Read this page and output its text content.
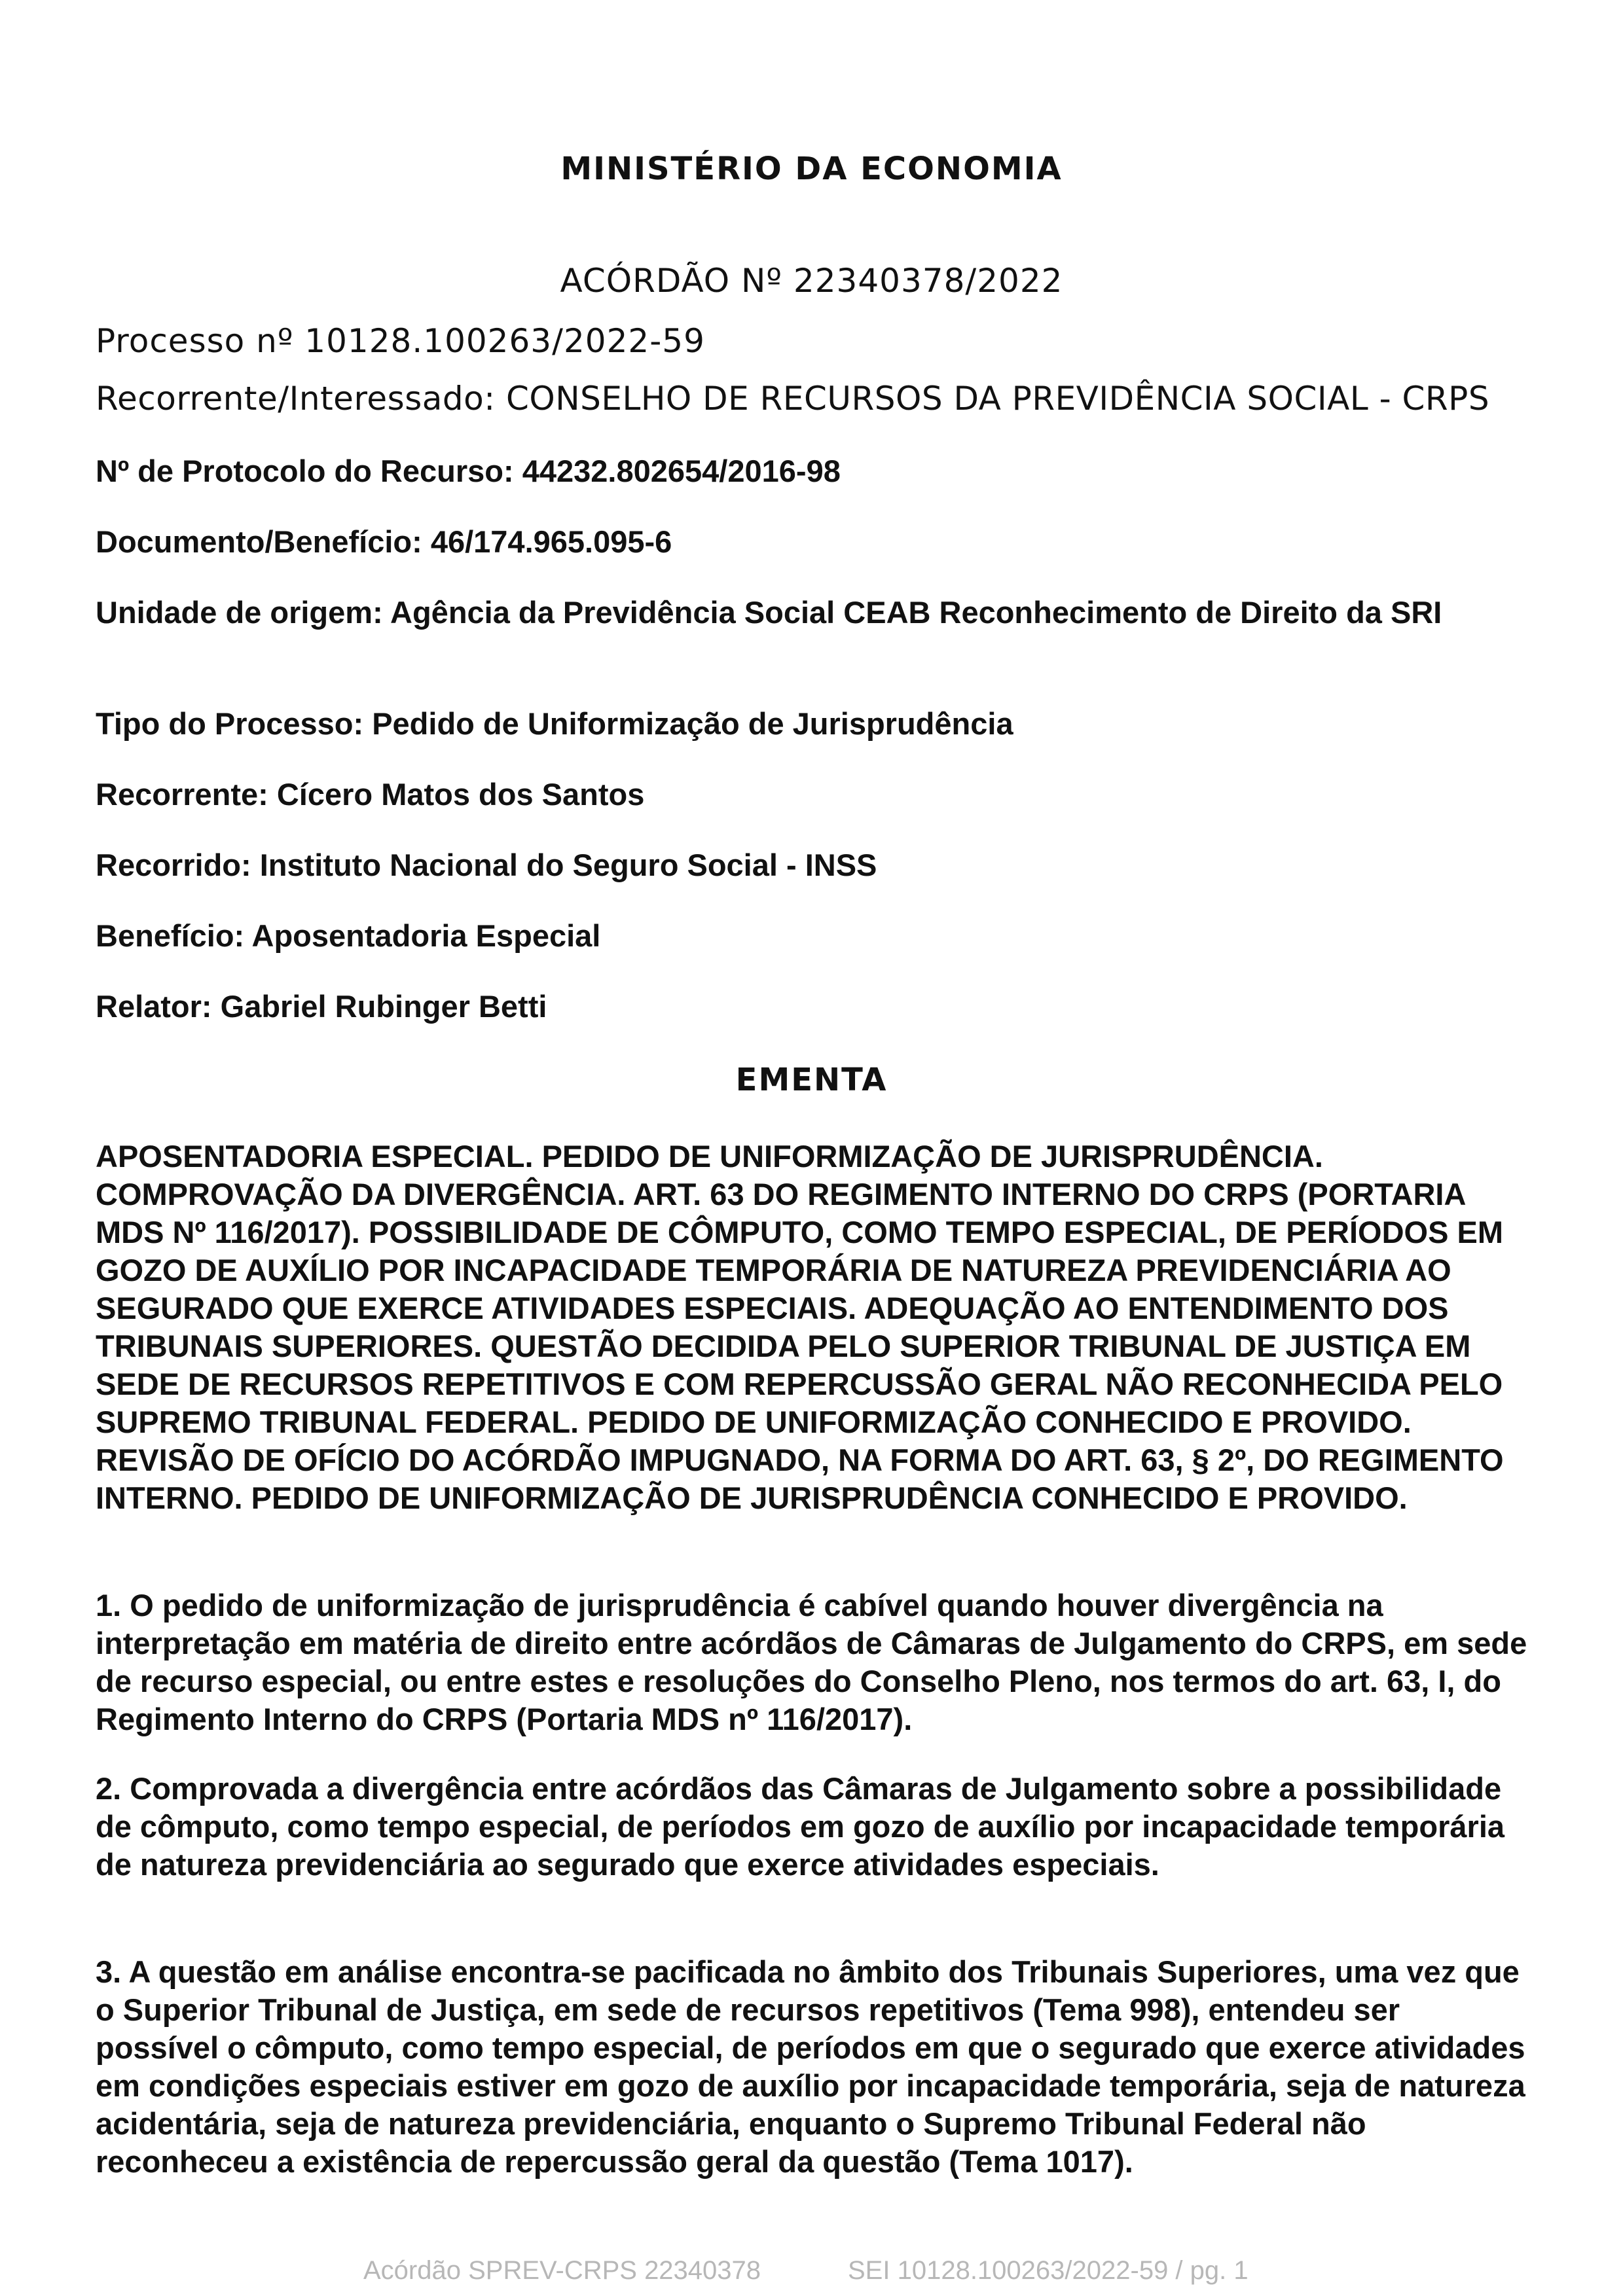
MINISTÉRIO DA ECONOMIA
ACÓRDÃO Nº 22340378/2022
Processo nº 10128.100263/2022-59
Recorrente/Interessado: CONSELHO DE RECURSOS DA PREVIDÊNCIA SOCIAL - CRPS
Nº de Protocolo do Recurso: 44232.802654/2016-98
Documento/Benefício: 46/174.965.095-6
Unidade de origem: Agência da Previdência Social CEAB Reconhecimento de Direito da SRI
Tipo do Processo: Pedido de Uniformização de Jurisprudência
Recorrente: Cícero Matos dos Santos
Recorrido: Instituto Nacional do Seguro Social - INSS
Benefício: Aposentadoria Especial
Relator: Gabriel Rubinger Betti
EMENTA
APOSENTADORIA ESPECIAL. PEDIDO DE UNIFORMIZAÇÃO DE JURISPRUDÊNCIA. COMPROVAÇÃO DA DIVERGÊNCIA. ART. 63 DO REGIMENTO INTERNO DO CRPS (PORTARIA MDS Nº 116/2017). POSSIBILIDADE DE CÔMPUTO, COMO TEMPO ESPECIAL, DE PERÍODOS EM GOZO DE AUXÍLIO POR INCAPACIDADE TEMPORÁRIA DE NATUREZA PREVIDENCIÁRIA AO SEGURADO QUE EXERCE ATIVIDADES ESPECIAIS. ADEQUAÇÃO AO ENTENDIMENTO DOS TRIBUNAIS SUPERIORES. QUESTÃO DECIDIDA PELO SUPERIOR TRIBUNAL DE JUSTIÇA EM SEDE DE RECURSOS REPETITIVOS E COM REPERCUSSÃO GERAL NÃO RECONHECIDA PELO SUPREMO TRIBUNAL FEDERAL. PEDIDO DE UNIFORMIZAÇÃO CONHECIDO E PROVIDO. REVISÃO DE OFÍCIO DO ACÓRDÃO IMPUGNADO, NA FORMA DO ART. 63, § 2º, DO REGIMENTO INTERNO. PEDIDO DE UNIFORMIZAÇÃO DE JURISPRUDÊNCIA CONHECIDO E PROVIDO.
1. O pedido de uniformização de jurisprudência é cabível quando houver divergência na interpretação em matéria de direito entre acórdãos de Câmaras de Julgamento do CRPS, em sede de recurso especial, ou entre estes e resoluções do Conselho Pleno, nos termos do art. 63, I, do Regimento Interno do CRPS (Portaria MDS nº 116/2017).
2. Comprovada a divergência entre acórdãos das Câmaras de Julgamento sobre a possibilidade de cômputo, como tempo especial, de períodos em gozo de auxílio por incapacidade temporária de natureza previdenciária ao segurado que exerce atividades especiais.
3. A questão em análise encontra-se pacificada no âmbito dos Tribunais Superiores, uma vez que o Superior Tribunal de Justiça, em sede de recursos repetitivos (Tema 998), entendeu ser possível o cômputo, como tempo especial, de períodos em que o segurado que exerce atividades em condições especiais estiver em gozo de auxílio por incapacidade temporária, seja de natureza acidentária, seja de natureza previdenciária, enquanto o Supremo Tribunal Federal não reconheceu a existência de repercussão geral da questão (Tema 1017).
Acórdão SPREV-CRPS 22340378	SEI 10128.100263/2022-59 / pg. 1
